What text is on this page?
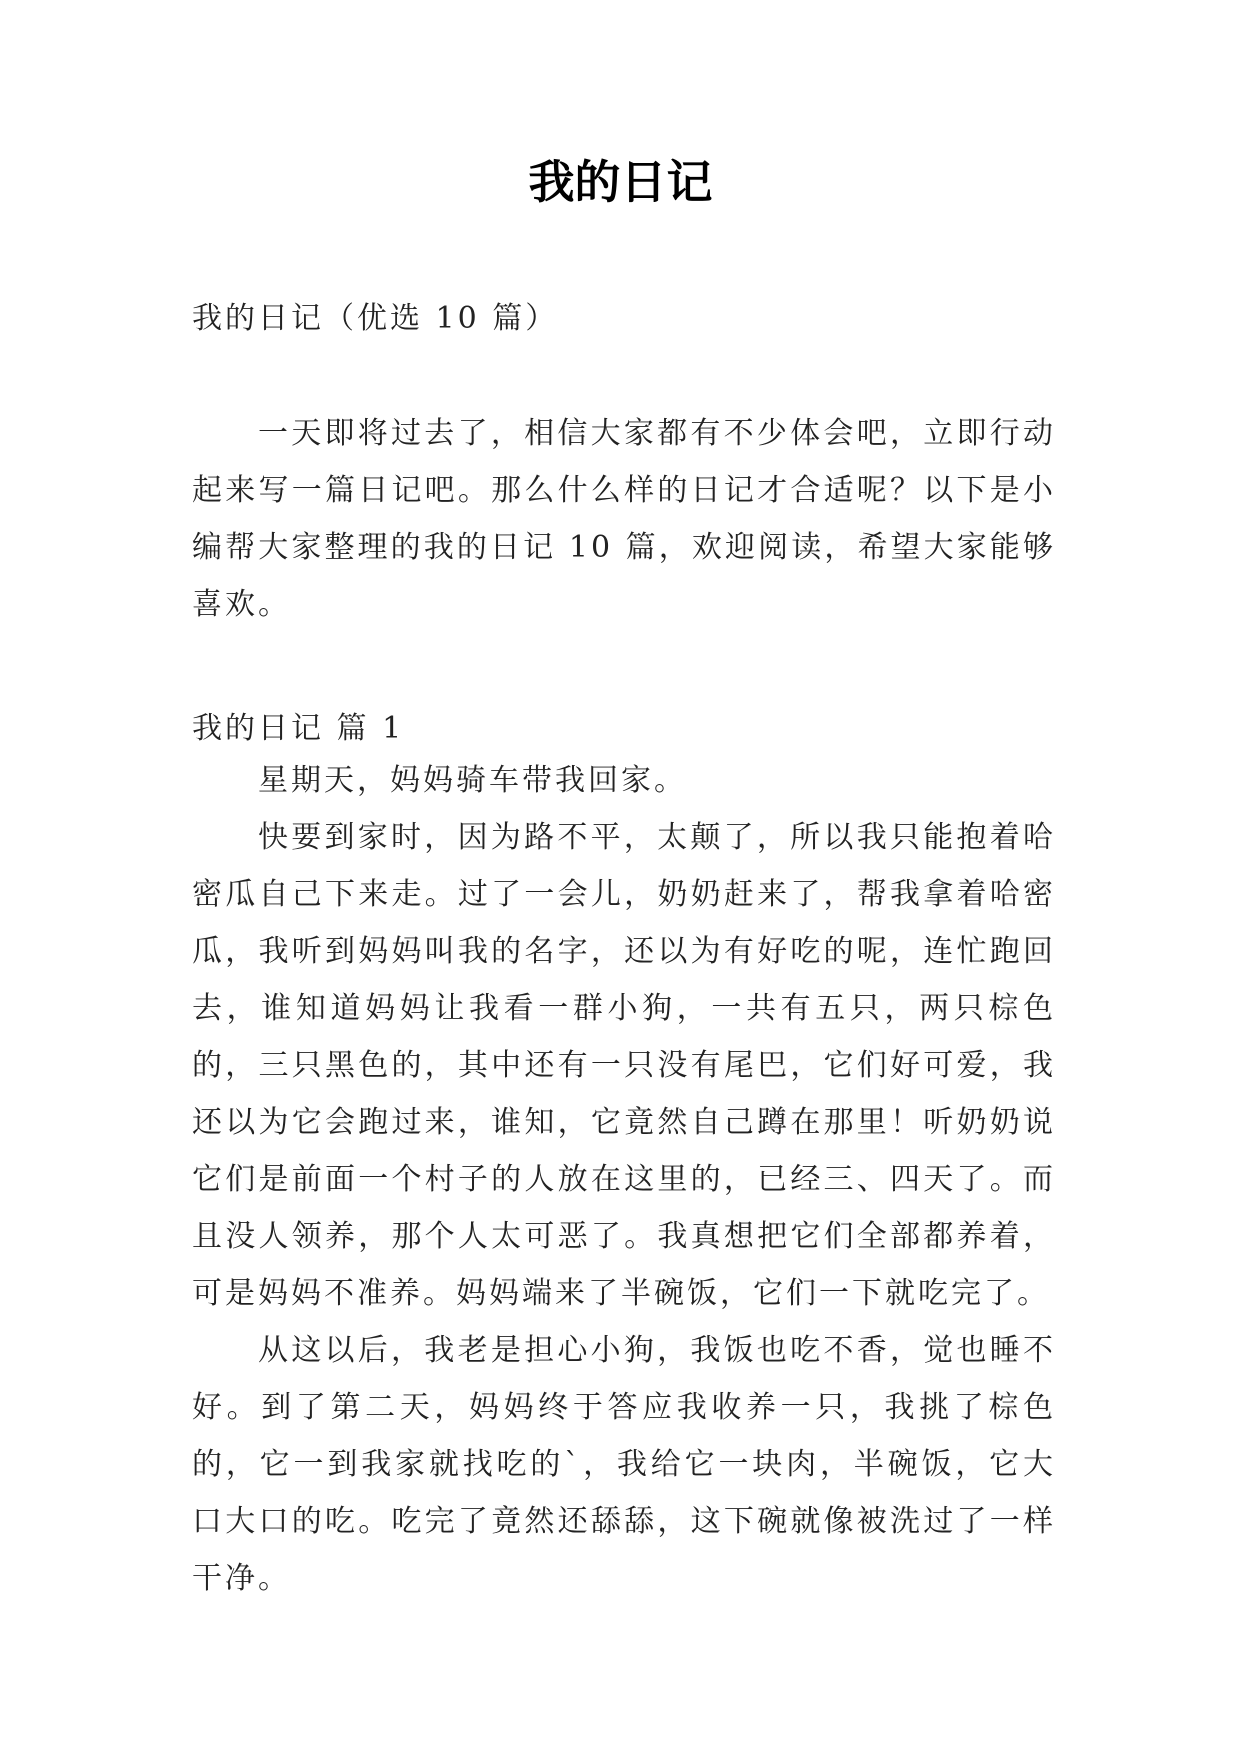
我的日记
我的日记（优选 10 篇）

一天即将过去了，相信大家都有不少体会吧，立即行动起来写一篇日记吧。那么什么样的日记才合适呢？以下是小编帮大家整理的我的日记 10 篇，欢迎阅读，希望大家能够喜欢。

我的日记 篇 1

星期天，妈妈骑车带我回家。

快要到家时，因为路不平，太颠了，所以我只能抱着哈密瓜自己下来走。过了一会儿，奶奶赶来了，帮我拿着哈密瓜，我听到妈妈叫我的名字，还以为有好吃的呢，连忙跑回去，谁知道妈妈让我看一群小狗，一共有五只，两只棕色的，三只黑色的，其中还有一只没有尾巴，它们好可爱，我还以为它会跑过来，谁知，它竟然自己蹲在那里！听奶奶说它们是前面一个村子的人放在这里的，已经三、四天了。而且没人领养，那个人太可恶了。我真想把它们全部都养着，可是妈妈不准养。妈妈端来了半碗饭，它们一下就吃完了。

从这以后，我老是担心小狗，我饭也吃不香，觉也睡不好。到了第二天，妈妈终于答应我收养一只，我挑了棕色的，它一到我家就找吃的`，我给它一块肉，半碗饭，它大口大口的吃。吃完了竟然还舔舔，这下碗就像被洗过了一样干净。
